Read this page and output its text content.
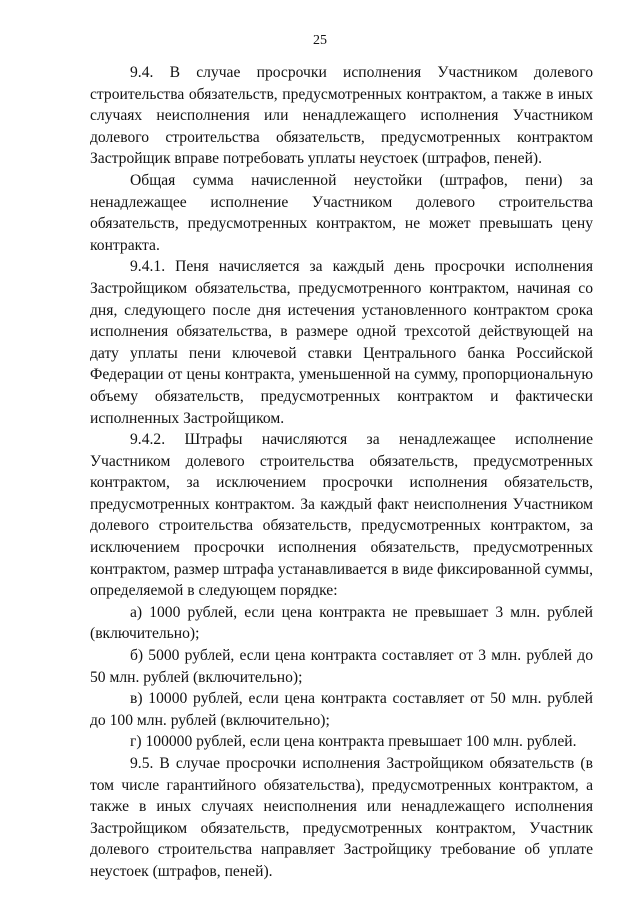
25

9.4. В случае просрочки исполнения Участником долевого строительства обязательств, предусмотренных контрактом, а также в иных случаях неисполнения или ненадлежащего исполнения Участником долевого строительства обязательств, предусмотренных контрактом Застройщик вправе потребовать уплаты неустоек (штрафов, пеней).

Общая сумма начисленной неустойки (штрафов, пени) за ненадлежащее исполнение Участником долевого строительства обязательств, предусмотренных контрактом, не может превышать цену контракта.

9.4.1. Пеня начисляется за каждый день просрочки исполнения Застройщиком обязательства, предусмотренного контрактом, начиная со дня, следующего после дня истечения установленного контрактом срока исполнения обязательства, в размере одной трехсотой действующей на дату уплаты пени ключевой ставки Центрального банка Российской Федерации от цены контракта, уменьшенной на сумму, пропорциональную объему обязательств, предусмотренных контрактом и фактически исполненных Застройщиком.

9.4.2. Штрафы начисляются за ненадлежащее исполнение Участником долевого строительства обязательств, предусмотренных контрактом, за исключением просрочки исполнения обязательств, предусмотренных контрактом. За каждый факт неисполнения Участником долевого строительства обязательств, предусмотренных контрактом, за исключением просрочки исполнения обязательств, предусмотренных контрактом, размер штрафа устанавливается в виде фиксированной суммы, определяемой в следующем порядке:

а) 1000 рублей, если цена контракта не превышает 3 млн. рублей (включительно);

б) 5000 рублей, если цена контракта составляет от 3 млн. рублей до 50 млн. рублей (включительно);

в) 10000 рублей, если цена контракта составляет от 50 млн. рублей до 100 млн. рублей (включительно);

г) 100000 рублей, если цена контракта превышает 100 млн. рублей.

9.5. В случае просрочки исполнения Застройщиком обязательств (в том числе гарантийного обязательства), предусмотренных контрактом, а также в иных случаях неисполнения или ненадлежащего исполнения Застройщиком обязательств, предусмотренных контрактом, Участник долевого строительства направляет Застройщику требование об уплате неустоек (штрафов, пеней).
